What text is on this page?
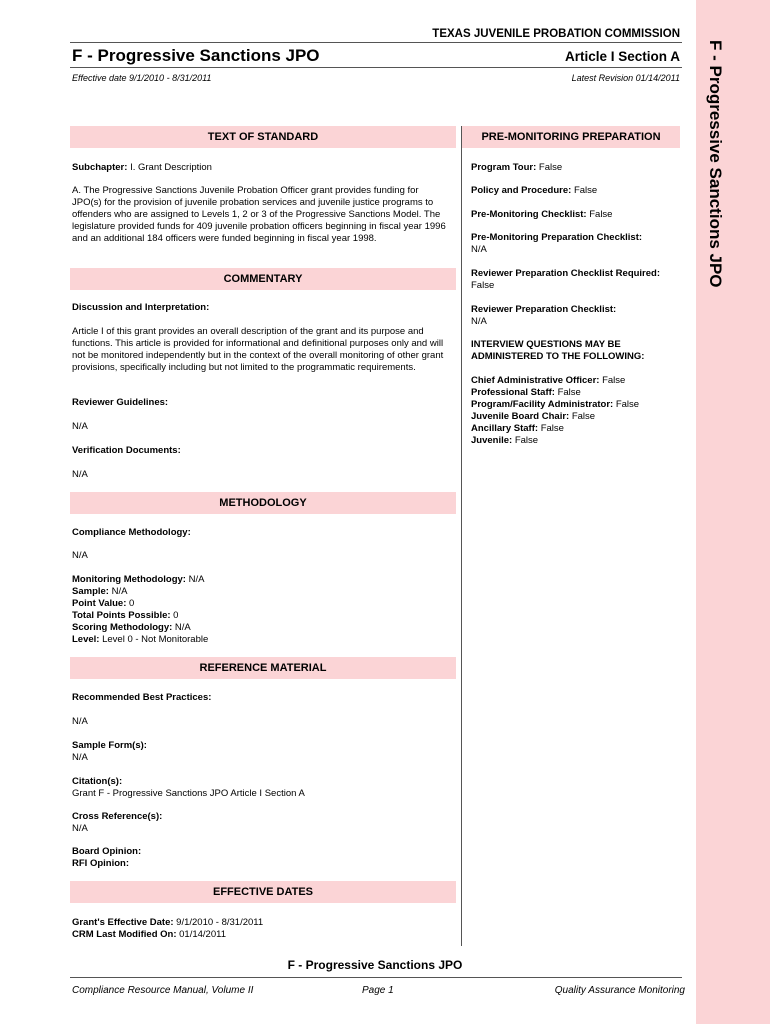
F - Progressive Sanctions JPO
TEXAS JUVENILE PROBATION COMMISSION
F - Progressive Sanctions JPO	Article I Section A
Effective date 9/1/2010 - 8/31/2011	Latest Revision 01/14/2011
TEXT OF STANDARD
Subchapter: I. Grant Description
A. The Progressive Sanctions Juvenile Probation Officer grant provides funding for JPO(s) for the provision of juvenile probation services and juvenile justice programs to offenders who are assigned to Levels 1, 2 or 3 of the Progressive Sanctions Model. The legislature provided funds for 409 juvenile probation officers beginning in fiscal year 1996 and an additional 184 officers were funded beginning in fiscal year 1998.
COMMENTARY
Discussion and Interpretation:
Article I of this grant provides an overall description of the grant and its purpose and functions. This article is provided for informational and definitional purposes only and will not be monitored independently but in the context of the overall monitoring of other grant provisions, specifically including but not limited to the programmatic requirements.
Reviewer Guidelines:
N/A
Verification Documents:
N/A
METHODOLOGY
Compliance Methodology:
N/A
Monitoring Methodology: N/A
Sample: N/A
Point Value: 0
Total Points Possible: 0
Scoring Methodology: N/A
Level: Level 0 - Not Monitorable
REFERENCE MATERIAL
Recommended Best Practices:
N/A
Sample Form(s):
N/A
Citation(s):
Grant F - Progressive Sanctions JPO Article I Section A
Cross Reference(s):
N/A
Board Opinion:
RFI Opinion:
EFFECTIVE DATES
Grant's Effective Date: 9/1/2010 - 8/31/2011
CRM Last Modified On: 01/14/2011
PRE-MONITORING PREPARATION
Program Tour: False
Policy and Procedure: False
Pre-Monitoring Checklist: False
Pre-Monitoring Preparation Checklist:
N/A
Reviewer Preparation Checklist Required:
False
Reviewer Preparation Checklist:
N/A
INTERVIEW QUESTIONS MAY BE ADMINISTERED TO THE FOLLOWING:
Chief Administrative Officer: False
Professional Staff: False
Program/Facility Administrator: False
Juvenile Board Chair: False
Ancillary Staff: False
Juvenile: False
F - Progressive Sanctions JPO
Compliance Resource Manual, Volume II	Page 1	Quality Assurance Monitoring
